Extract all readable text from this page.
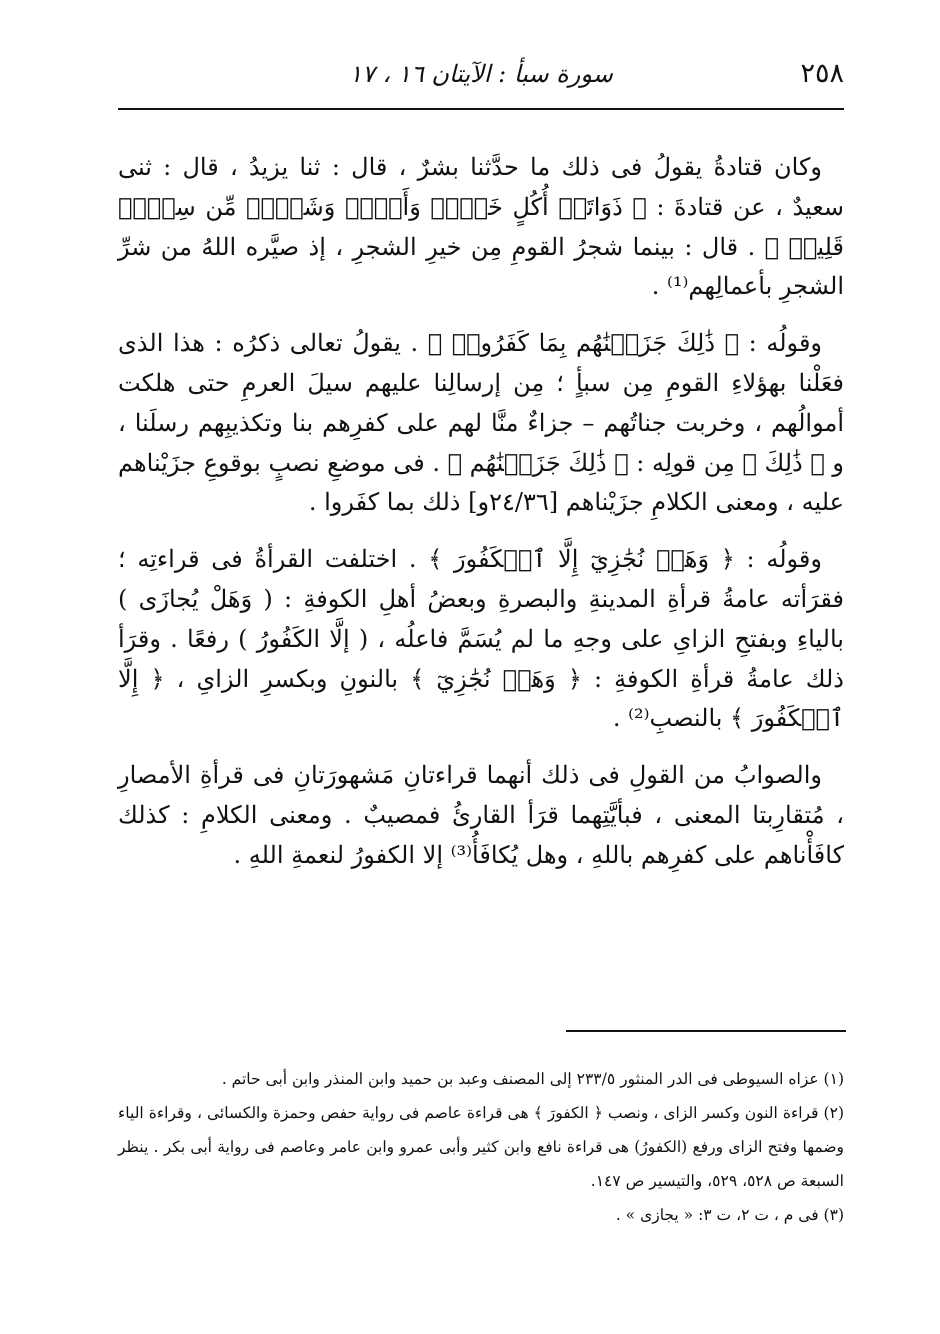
٢٥٨
سورة سبأ : الآيتان ١٦ ، ١٧

وكان قتادةُ يقولُ فى ذلك ما حدَّثنا بشرٌ ، قال : ثنا يزيدُ ، قال : ثنى سعيدٌ ، عن قتادةَ : ﴿ ذَوَاتَىۡ أُكُلٍ خَمۡطٖ وَأَثۡلٖ وَشَىۡءٖ مِّن سِدۡرٖ قَلِيلٖ ﴾ . قال : بينما شجرُ القومِ مِن خيرِ الشجرِ ، إذ صيَّره اللهُ من شرِّ الشجرِ بأعمالِهم⁽¹⁾ .

وقولُه : ﴿ ذَٰلِكَ جَزَيۡنَٰهُم بِمَا كَفَرُواۖ ﴾ . يقولُ تعالى ذكرُه : هذا الذى فعَلْنا بهؤلاءِ القومِ مِن سبأٍ ؛ مِن إرسالِنا عليهم سيلَ العرمِ حتى هلكت أموالُهم ، وخربت جناتُهم – جزاءٌ منَّا لهم على كفرِهم بنا وتكذيبِهم رسلَنا ، و ﴿ ذَٰلِكَ ﴾ مِن قولِه : ﴿ ذَٰلِكَ جَزَيۡنَٰهُم ﴾ . فى موضعِ نصبٍ بوقوعِ جزَيْناهم عليه ، ومعنى الكلامِ جزَيْناهم [٢٤/٣٦و] ذلك بما كفَروا .

وقولُه : ﴿ وَهَلۡ نُجَٰزِيٓ إِلَّا ٱلۡكَفُورَ ﴾ . اختلفت القرأةُ فى قراءتِه ؛ فقرَأته عامةُ قرأةِ المدينةِ والبصرةِ وبعضُ أهلِ الكوفةِ : ( وَهَلْ يُجازَى ) بالياءِ وبفتحِ الزاىِ على وجهِ ما لم يُسَمَّ فاعلُه ، ( إلَّا الكَفُورُ ) رفعًا . وقرَأ ذلك عامةُ قرأةِ الكوفةِ : ﴿ وَهَلۡ نُجَٰزِيٓ ﴾ بالنونِ وبكسرِ الزاىِ ، ﴿ إِلَّا ٱلۡكَفُورَ ﴾ بالنصبِ⁽²⁾ .

والصوابُ من القولِ فى ذلك أنهما قراءتانِ مَشهورَتانِ فى قرأةِ الأمصارِ ، مُتقارِبتا المعنى ، فبأيَّتِهما قرَأ القارئُ فمصيبٌ . ومعنى الكلامِ : كذلك كافَأْناهم على كفرِهم باللهِ ، وهل يُكافَأُ⁽³⁾ إلا الكفورُ لنعمةِ اللهِ .

(١) عزاه السيوطى فى الدر المنثور ٢٣٣/٥ إلى المصنف وعبد بن حميد وابن المنذر وابن أبى حاتم .

(٢) قراءة النون وكسر الزاى ، ونصب ﴿ الكفورَ ﴾ هى قراءة عاصم فى رواية حفص وحمزة والكسائى ، وقراءة الياء وضمها وفتح الزاى ورفع (الكفورُ) هى قراءة نافع وابن كثير وأبى عمرو وابن عامر وعاصم فى رواية أبى بكر . ينظر السبعة ص ٥٢٨، ٥٢٩، والتيسير ص ١٤٧.

(٣) فى م ، ت ٢، ت ٣: « يجازى » .
